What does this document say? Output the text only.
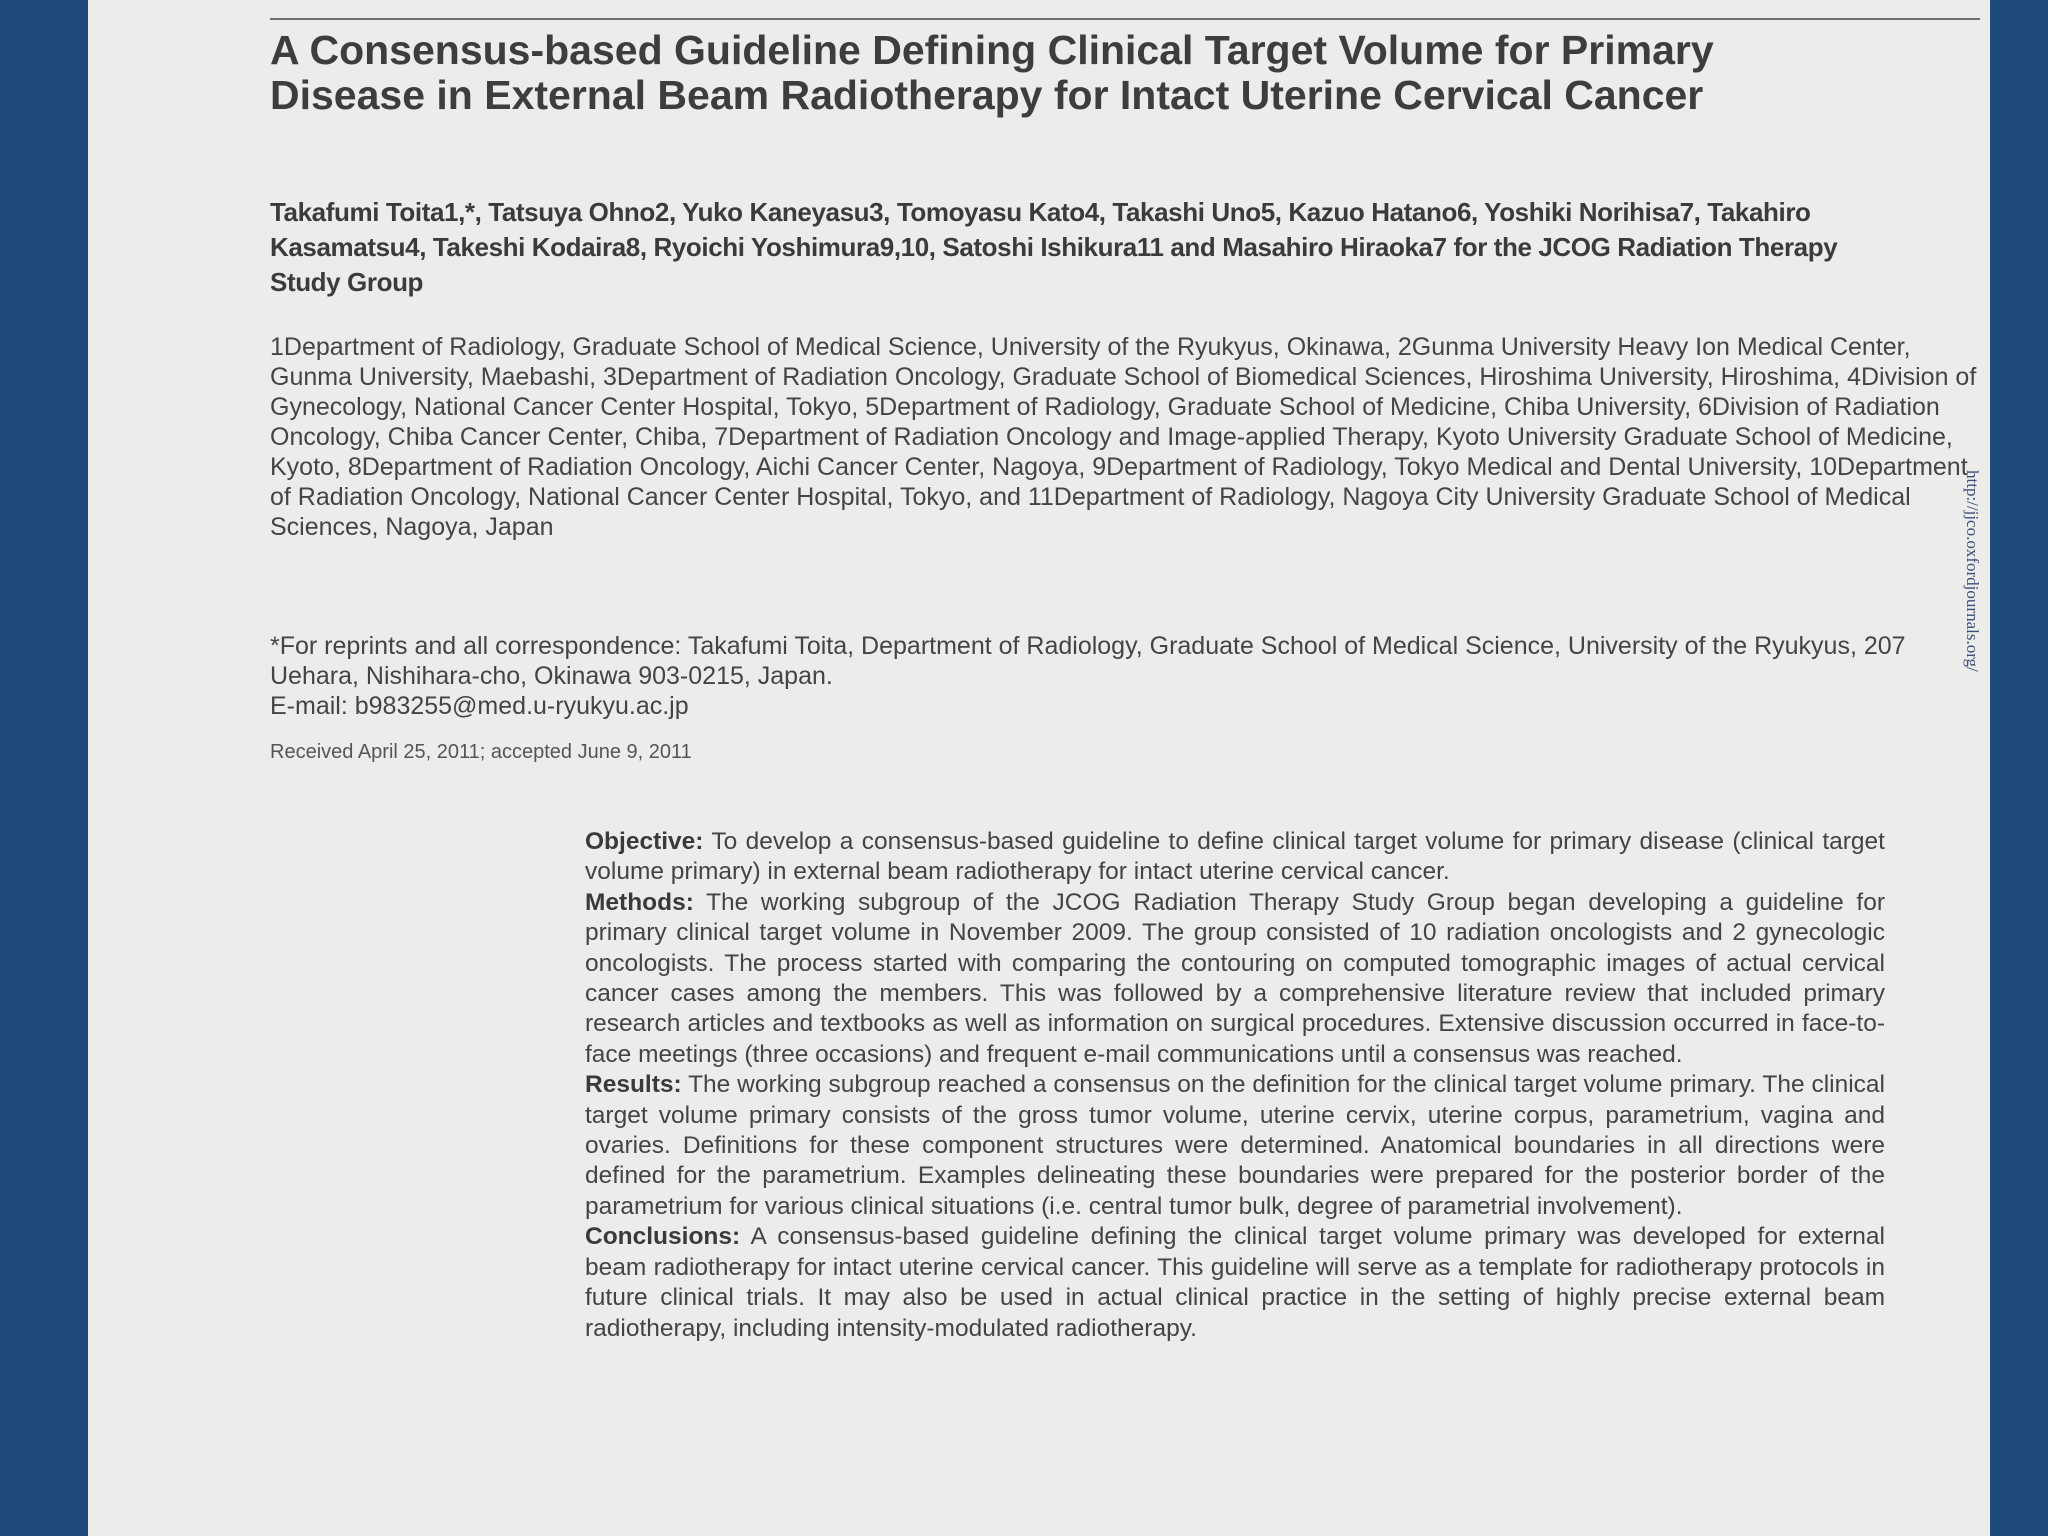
A Consensus-based Guideline Defining Clinical Target Volume for Primary Disease in External Beam Radiotherapy for Intact Uterine Cervical Cancer
Takafumi Toita1,*, Tatsuya Ohno2, Yuko Kaneyasu3, Tomoyasu Kato4, Takashi Uno5, Kazuo Hatano6, Yoshiki Norihisa7, Takahiro Kasamatsu4, Takeshi Kodaira8, Ryoichi Yoshimura9,10, Satoshi Ishikura11 and Masahiro Hiraoka7 for the JCOG Radiation Therapy Study Group
1Department of Radiology, Graduate School of Medical Science, University of the Ryukyus, Okinawa, 2Gunma University Heavy Ion Medical Center, Gunma University, Maebashi, 3Department of Radiation Oncology, Graduate School of Biomedical Sciences, Hiroshima University, Hiroshima, 4Division of Gynecology, National Cancer Center Hospital, Tokyo, 5Department of Radiology, Graduate School of Medicine, Chiba University, 6Division of Radiation Oncology, Chiba Cancer Center, Chiba, 7Department of Radiation Oncology and Image-applied Therapy, Kyoto University Graduate School of Medicine, Kyoto, 8Department of Radiation Oncology, Aichi Cancer Center, Nagoya, 9Department of Radiology, Tokyo Medical and Dental University, 10Department of Radiation Oncology, National Cancer Center Hospital, Tokyo, and 11Department of Radiology, Nagoya City University Graduate School of Medical Sciences, Nagoya, Japan
*For reprints and all correspondence: Takafumi Toita, Department of Radiology, Graduate School of Medical Science, University of the Ryukyus, 207 Uehara, Nishihara-cho, Okinawa 903-0215, Japan.
E-mail: b983255@med.u-ryukyu.ac.jp
Received April 25, 2011; accepted June 9, 2011

Objective: To develop a consensus-based guideline to define clinical target volume for primary disease (clinical target volume primary) in external beam radiotherapy for intact uterine cervical cancer.

Methods: The working subgroup of the JCOG Radiation Therapy Study Group began developing a guideline for primary clinical target volume in November 2009. The group consisted of 10 radiation oncologists and 2 gynecologic oncologists. The process started with comparing the contouring on computed tomographic images of actual cervical cancer cases among the members. This was followed by a comprehensive literature review that included primary research articles and textbooks as well as information on surgical procedures. Extensive discussion occurred in face-to-face meetings (three occasions) and frequent e-mail communications until a consensus was reached.

Results: The working subgroup reached a consensus on the definition for the clinical target volume primary. The clinical target volume primary consists of the gross tumor volume, uterine cervix, uterine corpus, parametrium, vagina and ovaries. Definitions for these component structures were determined. Anatomical boundaries in all directions were defined for the parametrium. Examples delineating these boundaries were prepared for the posterior border of the parametrium for various clinical situations (i.e. central tumor bulk, degree of parametrial involvement).

Conclusions: A consensus-based guideline defining the clinical target volume primary was developed for external beam radiotherapy for intact uterine cervical cancer. This guideline will serve as a template for radiotherapy protocols in future clinical trials. It may also be used in actual clinical practice in the setting of highly precise external beam radiotherapy, including intensity-modulated radiotherapy.

http://jjco.oxfordjournals.org/
